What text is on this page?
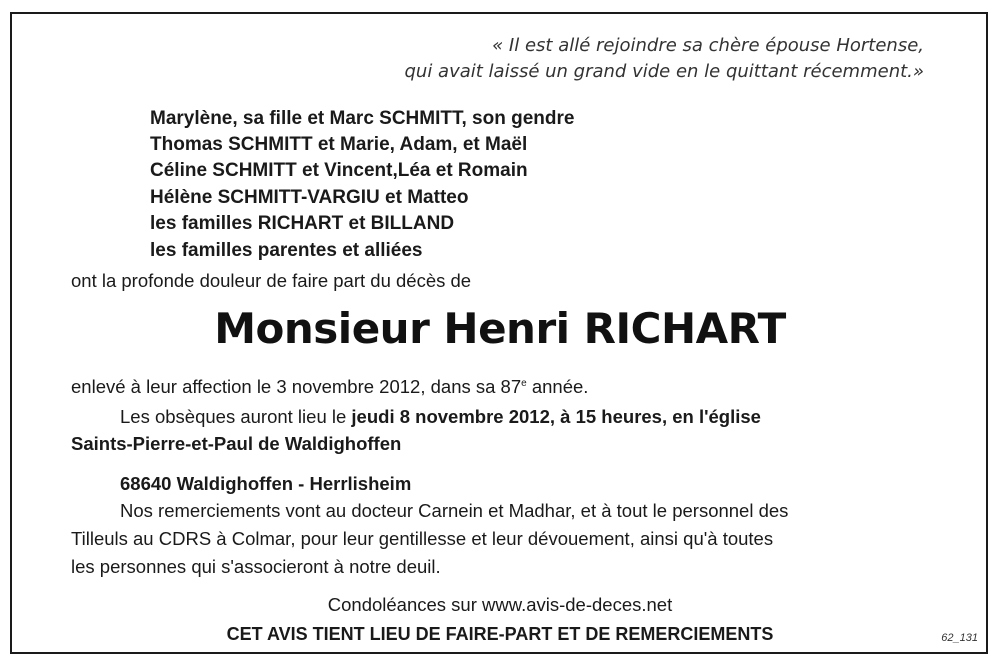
« Il est allé rejoindre sa chère épouse Hortense,
qui avait laissé un grand vide en le quittant récemment.»
Marylène, sa fille et Marc SCHMITT, son gendre
Thomas SCHMITT et Marie, Adam, et Maël
Céline SCHMITT et Vincent,Léa et Romain
Hélène SCHMITT-VARGIU et Matteo
les familles RICHART et BILLAND
les familles parentes et alliées
ont la profonde douleur de faire part du décès de
Monsieur Henri RICHART
enlevé à leur affection le 3 novembre 2012, dans sa 87e année.
Les obsèques auront lieu le jeudi 8 novembre 2012, à 15 heures, en l'église
Saints-Pierre-et-Paul de Waldighoffen
68640 Waldighoffen - Herrlisheim
Nos remerciements vont au docteur Carnein et Madhar, et à tout le personnel des
Tilleuls au CDRS à Colmar, pour leur gentillesse et leur dévouement, ainsi qu'à toutes
les personnes qui s'associeront à notre deuil.
Condoléances sur www.avis-de-deces.net
CET AVIS TIENT LIEU DE FAIRE-PART ET DE REMERCIEMENTS	62_131
